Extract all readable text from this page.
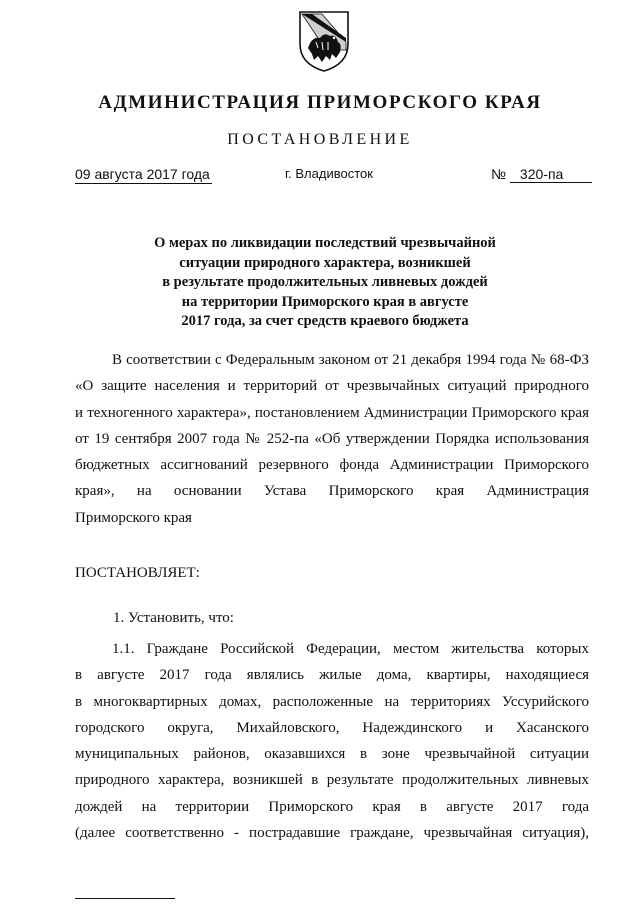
АДМИНИСТРАЦИЯ ПРИМОРСКОГО КРАЯ
ПОСТАНОВЛЕНИЕ
09 августа 2017 года	г. Владивосток	№ 320-па
О мерах по ликвидации последствий чрезвычайной
ситуации природного характера, возникшей
в результате продолжительных ливневых дождей
на территории Приморского края в августе
2017 года, за счет средств краевого бюджета
В соответствии с Федеральным законом от 21 декабря 1994 года № 68-ФЗ
«О защите населения и территорий от чрезвычайных ситуаций природного
и техногенного характера», постановлением Администрации Приморского края
от 19 сентября 2007 года № 252-па «Об утверждении Порядка использования
бюджетных ассигнований резервного фонда Администрации Приморского
края», на основании Устава Приморского края Администрация
Приморского края
ПОСТАНОВЛЯЕТ:
1. Установить, что:
1.1. Граждане Российской Федерации, местом жительства которых
в августе 2017 года являлись жилые дома, квартиры, находящиеся
в многоквартирных домах, расположенные на территориях Уссурийского
городского округа, Михайловского, Надеждинского и Хасанского
муниципальных районов, оказавшихся в зоне чрезвычайной ситуации
природного характера, возникшей в результате продолжительных ливневых
дождей на территории Приморского края в августе 2017 года
(далее соответственно - пострадавшие граждане, чрезвычайная ситуация),
